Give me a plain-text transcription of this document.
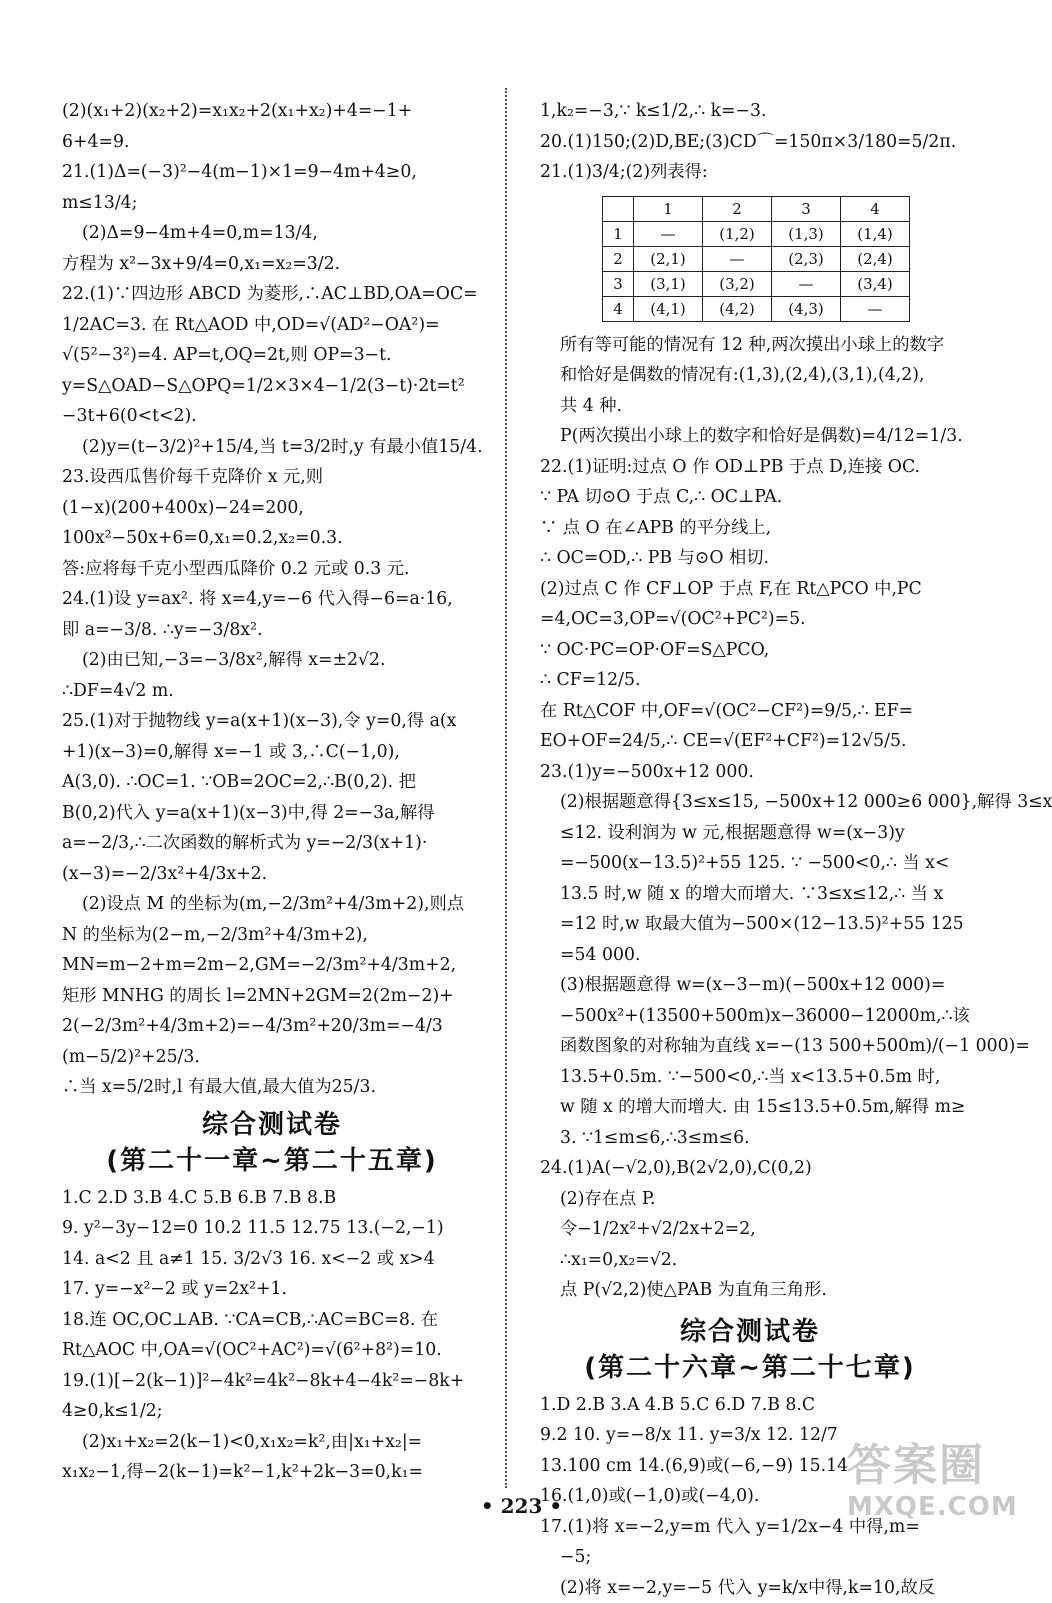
(2)(x₁+2)(x₂+2)=x₁x₂+2(x₁+x₂)+4=−1+
6+4=9.
21.(1)Δ=(−3)²−4(m−1)×1=9−4m+4≥0,
m≤13/4;
(2)Δ=9−4m+4=0,m=13/4,
方程为 x²−3x+9/4=0,x₁=x₂=3/2.
22.(1)∵四边形 ABCD 为菱形,∴AC⊥BD,OA=OC=
1/2AC=3. 在 Rt△AOD 中,OD=√(AD²−OA²)=
√(5²−3²)=4. AP=t,OQ=2t,则 OP=3−t.
y=S△OAD−S△OPQ=1/2×3×4−1/2(3−t)·2t=t²
−3t+6(0<t<2).
(2)y=(t−3/2)²+15/4,当 t=3/2时,y 有最小值15/4.
23.设西瓜售价每千克降价 x 元,则
(1−x)(200+400x)−24=200,
100x²−50x+6=0,x₁=0.2,x₂=0.3.
答:应将每千克小型西瓜降价 0.2 元或 0.3 元.
24.(1)设 y=ax². 将 x=4,y=−6 代入得−6=a·16,
即 a=−3/8. ∴y=−3/8x².
(2)由已知,−3=−3/8x²,解得 x=±2√2.
∴DF=4√2 m.
25.(1)对于抛物线 y=a(x+1)(x−3),令 y=0,得 a(x
+1)(x−3)=0,解得 x=−1 或 3,∴C(−1,0),
A(3,0). ∴OC=1. ∵OB=2OC=2,∴B(0,2). 把
B(0,2)代入 y=a(x+1)(x−3)中,得 2=−3a,解得
a=−2/3,∴二次函数的解析式为 y=−2/3(x+1)·
(x−3)=−2/3x²+4/3x+2.
(2)设点 M 的坐标为(m,−2/3m²+4/3m+2),则点
N 的坐标为(2−m,−2/3m²+4/3m+2),
MN=m−2+m=2m−2,GM=−2/3m²+4/3m+2,
矩形 MNHG 的周长 l=2MN+2GM=2(2m−2)+
2(−2/3m²+4/3m+2)=−4/3m²+20/3m=−4/3
(m−5/2)²+25/3.
∴当 x=5/2时,l 有最大值,最大值为25/3.
综合测试卷
(第二十一章~第二十五章)
1.C 2.D 3.B 4.C 5.B 6.B 7.B 8.B
9. y²−3y−12=0 10.2 11.5 12.75 13.(−2,−1)
14. a<2 且 a≠1 15. 3/2√3 16. x<−2 或 x>4
17. y=−x²−2 或 y=2x²+1.
18.连 OC,OC⊥AB. ∵CA=CB,∴AC=BC=8. 在
Rt△AOC 中,OA=√(OC²+AC²)=√(6²+8²)=10.
19.(1)[−2(k−1)]²−4k²=4k²−8k+4−4k²=−8k+
4≥0,k≤1/2;
(2)x₁+x₂=2(k−1)<0,x₁x₂=k²,由|x₁+x₂|=
x₁x₂−1,得−2(k−1)=k²−1,k²+2k−3=0,k₁=
1,k₂=−3,∵ k≤1/2,∴ k=−3.
20.(1)150;(2)D,BE;(3)CD⌒=150π×3/180=5/2π.
21.(1)3/4;(2)列表得:
	1	2	3	4
1	—	(1,2)	(1,3)	(1,4)
2	(2,1)	—	(2,3)	(2,4)
3	(3,1)	(3,2)	—	(3,4)
4	(4,1)	(4,2)	(4,3)	—
所有等可能的情况有 12 种,两次摸出小球上的数字
和恰好是偶数的情况有:(1,3),(2,4),(3,1),(4,2),
共 4 种.
P(两次摸出小球上的数字和恰好是偶数)=4/12=1/3.
22.(1)证明:过点 O 作 OD⊥PB 于点 D,连接 OC.
∵ PA 切⊙O 于点 C,∴ OC⊥PA.
∵ 点 O 在∠APB 的平分线上,
∴ OC=OD,∴ PB 与⊙O 相切.
(2)过点 C 作 CF⊥OP 于点 F,在 Rt△PCO 中,PC
=4,OC=3,OP=√(OC²+PC²)=5.
∵ OC·PC=OP·OF=S△PCO,
∴ CF=12/5.
在 Rt△COF 中,OF=√(OC²−CF²)=9/5,∴ EF=
EO+OF=24/5,∴ CE=√(EF²+CF²)=12√5/5.
23.(1)y=−500x+12 000.
(2)根据题意得{3≤x≤15, −500x+12 000≥6 000},解得 3≤x
≤12. 设利润为 w 元,根据题意得 w=(x−3)y
=−500(x−13.5)²+55 125. ∵ −500<0,∴ 当 x<
13.5 时,w 随 x 的增大而增大. ∵3≤x≤12,∴ 当 x
=12 时,w 取最大值为−500×(12−13.5)²+55 125
=54 000.
(3)根据题意得 w=(x−3−m)(−500x+12 000)=
−500x²+(13500+500m)x−36000−12000m,∴该
函数图象的对称轴为直线 x=−(13 500+500m)/(−1 000)=
13.5+0.5m. ∵−500<0,∴当 x<13.5+0.5m 时,
w 随 x 的增大而增大. 由 15≤13.5+0.5m,解得 m≥
3. ∵1≤m≤6,∴3≤m≤6.
24.(1)A(−√2,0),B(2√2,0),C(0,2)
(2)存在点 P.
令−1/2x²+√2/2x+2=2,
∴x₁=0,x₂=√2.
点 P(√2,2)使△PAB 为直角三角形.
综合测试卷
(第二十六章~第二十七章)
1.D 2.B 3.A 4.B 5.C 6.D 7.B 8.C
9.2 10. y=−8/x 11. y=3/x 12. 12/7
13.100 cm 14.(6,9)或(−6,−9) 15.14
16.(1,0)或(−1,0)或(−4,0).
17.(1)将 x=−2,y=m 代入 y=1/2x−4 中得,m=
−5;
(2)将 x=−2,y=−5 代入 y=k/x中得,k=10,故反
• 223 •
答案圈
MXQE.COM
